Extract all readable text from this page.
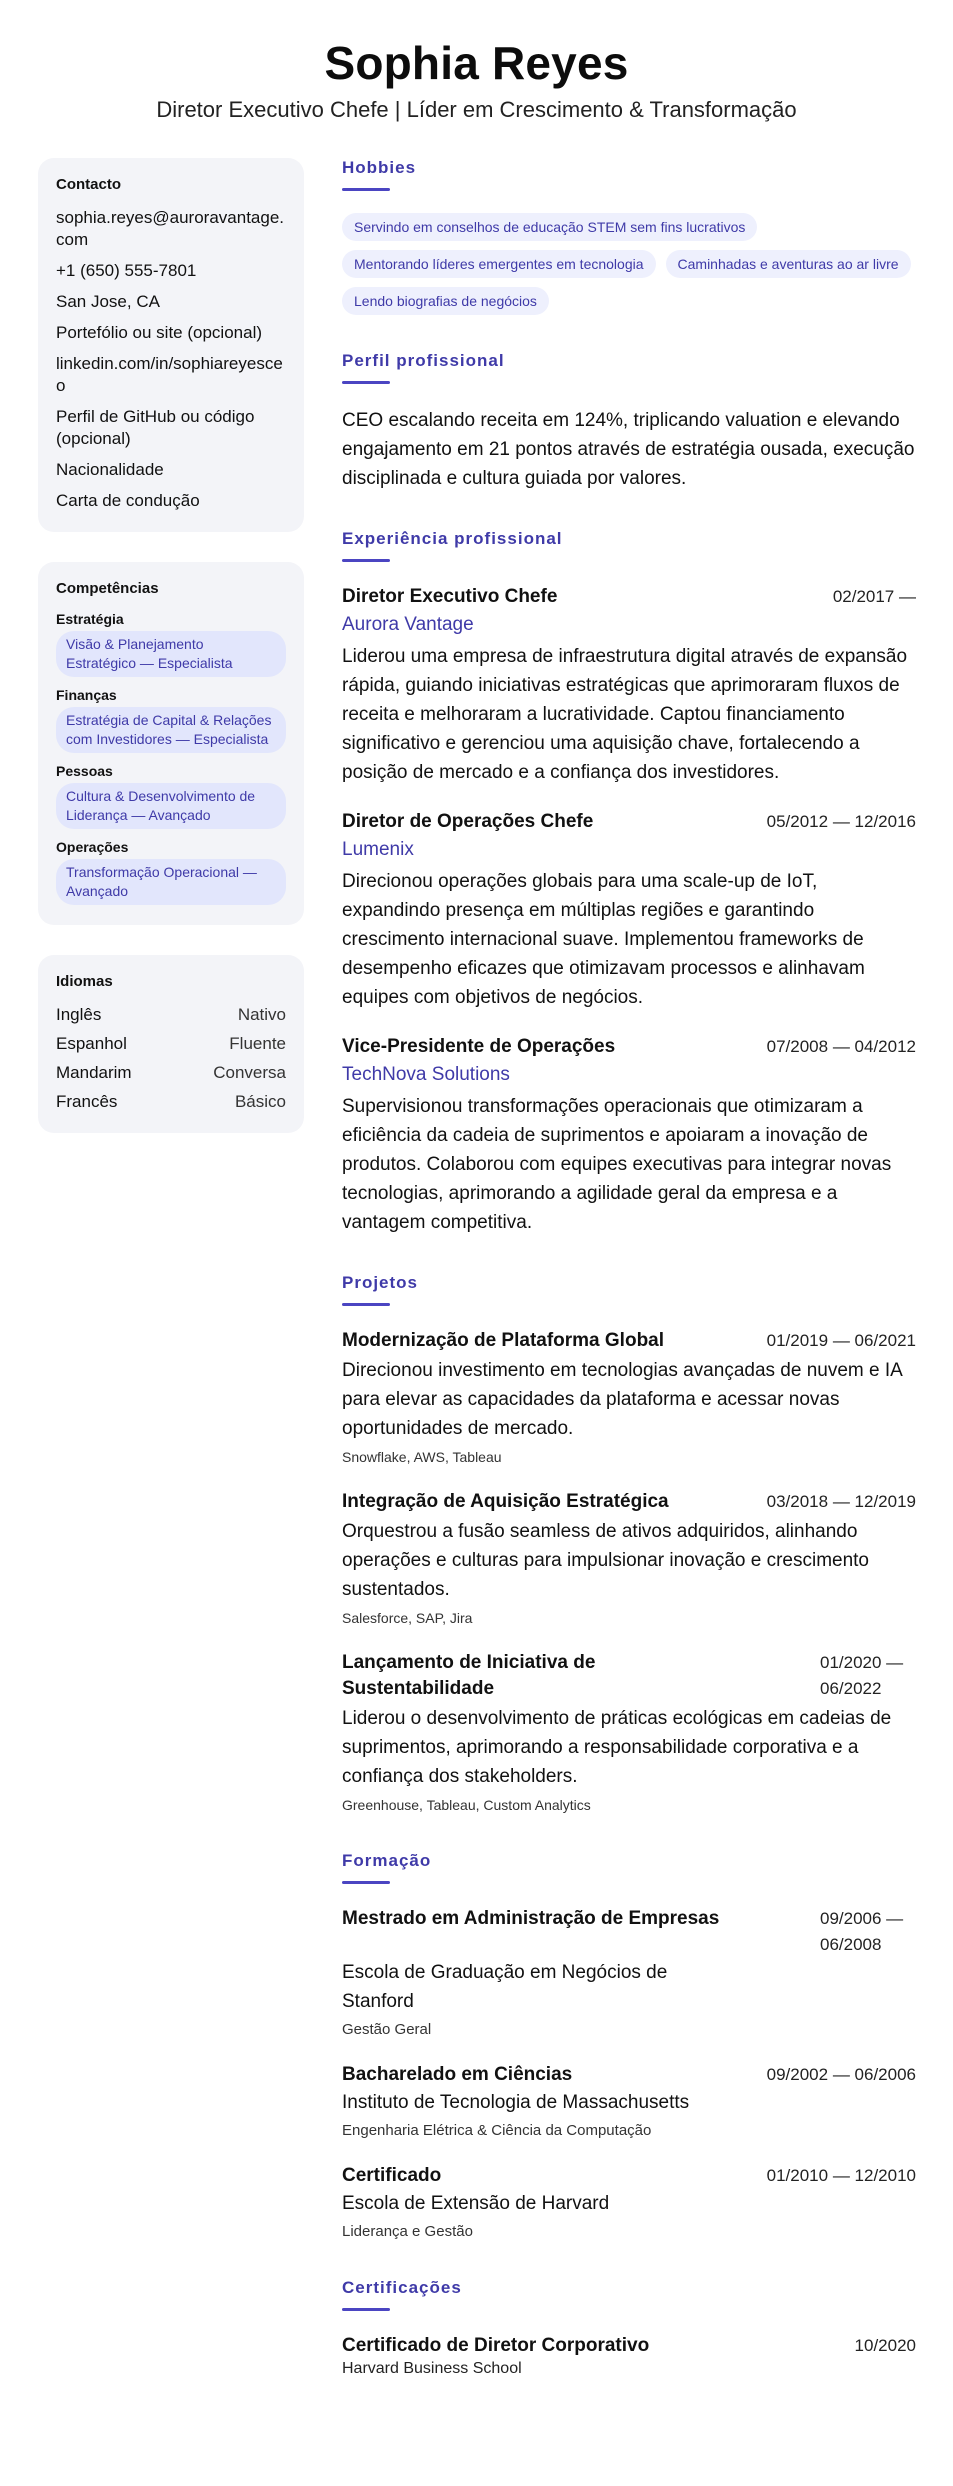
Sophia Reyes
Diretor Executivo Chefe | Líder em Crescimento & Transformação
Contacto
sophia.reyes@auroravantage.com
+1 (650) 555-7801
San Jose, CA
Portefólio ou site (opcional)
linkedin.com/in/sophiareyesceo
Perfil de GitHub ou código (opcional)
Nacionalidade
Carta de condução
Competências
Estratégia
Visão & Planejamento Estratégico — Especialista
Finanças
Estratégia de Capital & Relações com Investidores — Especialista
Pessoas
Cultura & Desenvolvimento de Liderança — Avançado
Operações
Transformação Operacional — Avançado
Idiomas
Inglês	Nativo
Espanhol	Fluente
Mandarim	Conversa
Francês	Básico
Hobbies
Servindo em conselhos de educação STEM sem fins lucrativos
Mentorando líderes emergentes em tecnologia	Caminhadas e aventuras ao ar livre
Lendo biografias de negócios
Perfil profissional
CEO escalando receita em 124%, triplicando valuation e elevando engajamento em 21 pontos através de estratégia ousada, execução disciplinada e cultura guiada por valores.
Experiência profissional
Diretor Executivo Chefe	02/2017 —
Aurora Vantage
Liderou uma empresa de infraestrutura digital através de expansão rápida, guiando iniciativas estratégicas que aprimoraram fluxos de receita e melhoraram a lucratividade. Captou financiamento significativo e gerenciou uma aquisição chave, fortalecendo a posição de mercado e a confiança dos investidores.
Diretor de Operações Chefe	05/2012 — 12/2016
Lumenix
Direcionou operações globais para uma scale-up de IoT, expandindo presença em múltiplas regiões e garantindo crescimento internacional suave. Implementou frameworks de desempenho eficazes que otimizavam processos e alinhavam equipes com objetivos de negócios.
Vice-Presidente de Operações	07/2008 — 04/2012
TechNova Solutions
Supervisionou transformações operacionais que otimizaram a eficiência da cadeia de suprimentos e apoiaram a inovação de produtos. Colaborou com equipes executivas para integrar novas tecnologias, aprimorando a agilidade geral da empresa e a vantagem competitiva.
Projetos
Modernização de Plataforma Global	01/2019 — 06/2021
Direcionou investimento em tecnologias avançadas de nuvem e IA para elevar as capacidades da plataforma e acessar novas oportunidades de mercado.
Snowflake, AWS, Tableau
Integração de Aquisição Estratégica	03/2018 — 12/2019
Orquestrou a fusão seamless de ativos adquiridos, alinhando operações e culturas para impulsionar inovação e crescimento sustentados.
Salesforce, SAP, Jira
Lançamento de Iniciativa de Sustentabilidade
01/2020 — 06/2022
Liderou o desenvolvimento de práticas ecológicas em cadeias de suprimentos, aprimorando a responsabilidade corporativa e a confiança dos stakeholders.
Greenhouse, Tableau, Custom Analytics
Formação
Mestrado em Administração de Empresas	09/2006 — 06/2008
Escola de Graduação em Negócios de Stanford
Gestão Geral
Bacharelado em Ciências	09/2002 — 06/2006
Instituto de Tecnologia de Massachusetts
Engenharia Elétrica & Ciência da Computação
Certificado	01/2010 — 12/2010
Escola de Extensão de Harvard
Liderança e Gestão
Certificações
Certificado de Diretor Corporativo	10/2020
Harvard Business School
